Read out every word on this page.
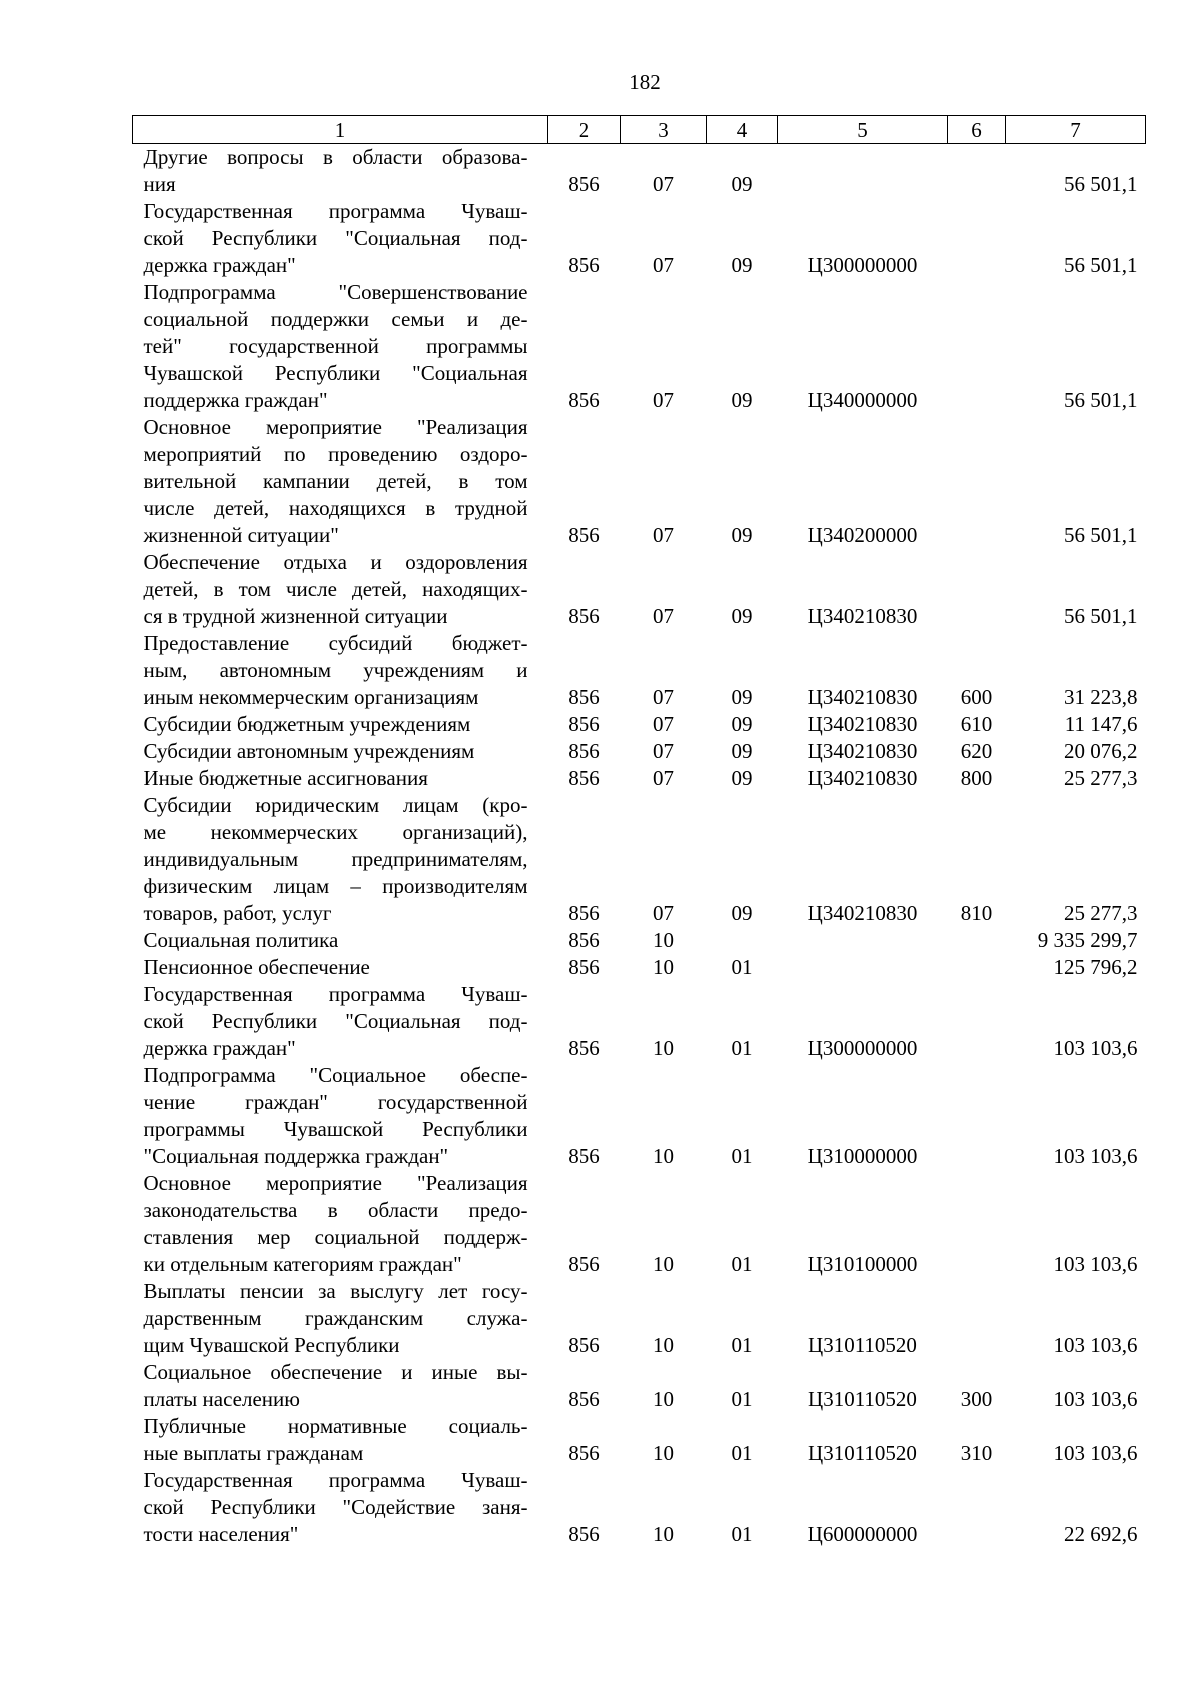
182
1	2	3	4	5	6	7

Другие вопросы в области образова-
ния	856	07	09			56 501,1

Государственная программа Чуваш-
ской Республики "Социальная под-
держка граждан"	856	07	09	Ц300000000		56 501,1

Подпрограмма "Совершенствование
социальной поддержки семьи и де-
тей" государственной программы
Чувашской Республики "Социальная
поддержка граждан"	856	07	09	Ц340000000		56 501,1

Основное мероприятие "Реализация
мероприятий по проведению оздоро-
вительной кампании детей, в том
числе детей, находящихся в трудной
жизненной ситуации"	856	07	09	Ц340200000		56 501,1

Обеспечение отдыха и оздоровления
детей, в том числе детей, находящих-
ся в трудной жизненной ситуации	856	07	09	Ц340210830		56 501,1

Предоставление субсидий бюджет-
ным, автономным учреждениям и
иным некоммерческим организациям	856	07	09	Ц340210830	600	31 223,8

Субсидии бюджетным учреждениям	856	07	09	Ц340210830	610	11 147,6

Субсидии автономным учреждениям	856	07	09	Ц340210830	620	20 076,2

Иные бюджетные ассигнования	856	07	09	Ц340210830	800	25 277,3

Субсидии юридическим лицам (кро-
ме некоммерческих организаций),
индивидуальным предпринимателям,
физическим лицам – производителям
товаров, работ, услуг	856	07	09	Ц340210830	810	25 277,3

Социальная политика	856	10				9 335 299,7

Пенсионное обеспечение	856	10	01			125 796,2

Государственная программа Чуваш-
ской Республики "Социальная под-
держка граждан"	856	10	01	Ц300000000		103 103,6

Подпрограмма "Социальное обеспе-
чение граждан" государственной
программы Чувашской Республики
"Социальная поддержка граждан"	856	10	01	Ц310000000		103 103,6

Основное мероприятие "Реализация
законодательства в области предо-
ставления мер социальной поддерж-
ки отдельным категориям граждан"	856	10	01	Ц310100000		103 103,6

Выплаты пенсии за выслугу лет госу-
дарственным гражданским служа-
щим Чувашской Республики	856	10	01	Ц310110520		103 103,6

Социальное обеспечение и иные вы-
платы населению	856	10	01	Ц310110520	300	103 103,6

Публичные нормативные социаль-
ные выплаты гражданам	856	10	01	Ц310110520	310	103 103,6

Государственная программа Чуваш-
ской Республики "Содействие заня-
тости населения"	856	10	01	Ц600000000		22 692,6
